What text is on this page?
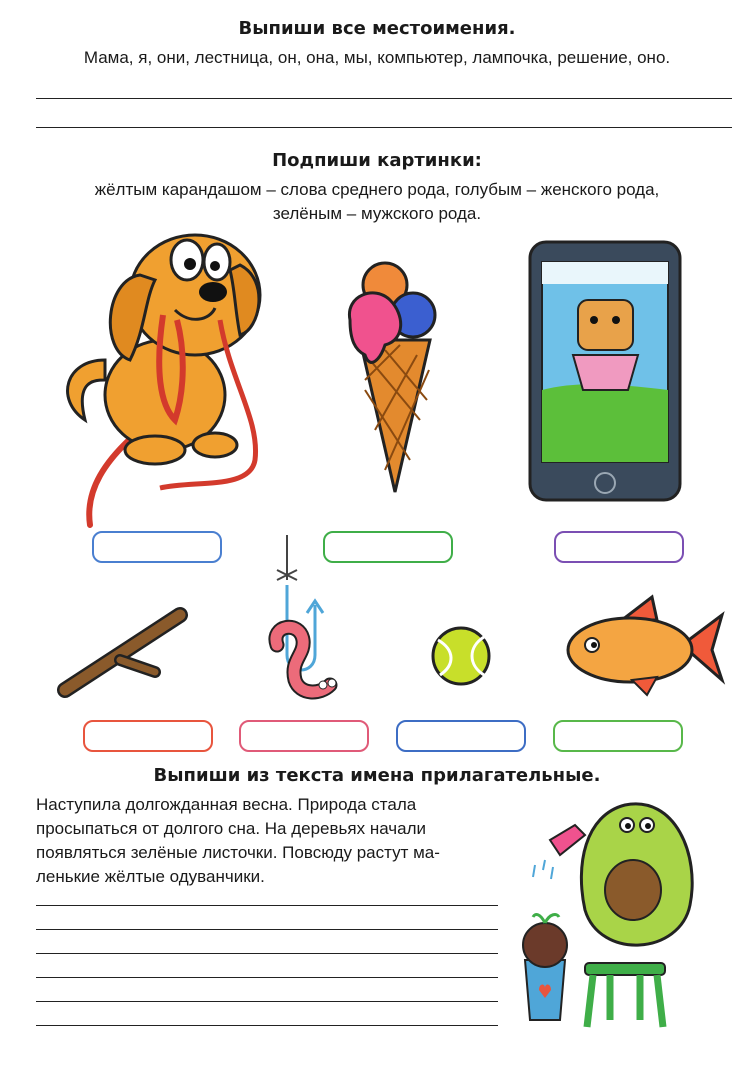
Выпиши все местоимения.
Мама, я, они, лестница, он, она, мы, компьютер, лампочка, решение, оно.
Подпиши картинки:
жёлтым карандашом – слова среднего рода, голубым – женского рода,
зелёным – мужского рода.
Выпиши из текста имена прилагательные.
Наступила долгожданная весна. Природа стала
просыпаться от долгого сна. На деревьях начали
появляться зелёные листочки. Повсюду растут ма-
ленькие жёлтые одуванчики.
